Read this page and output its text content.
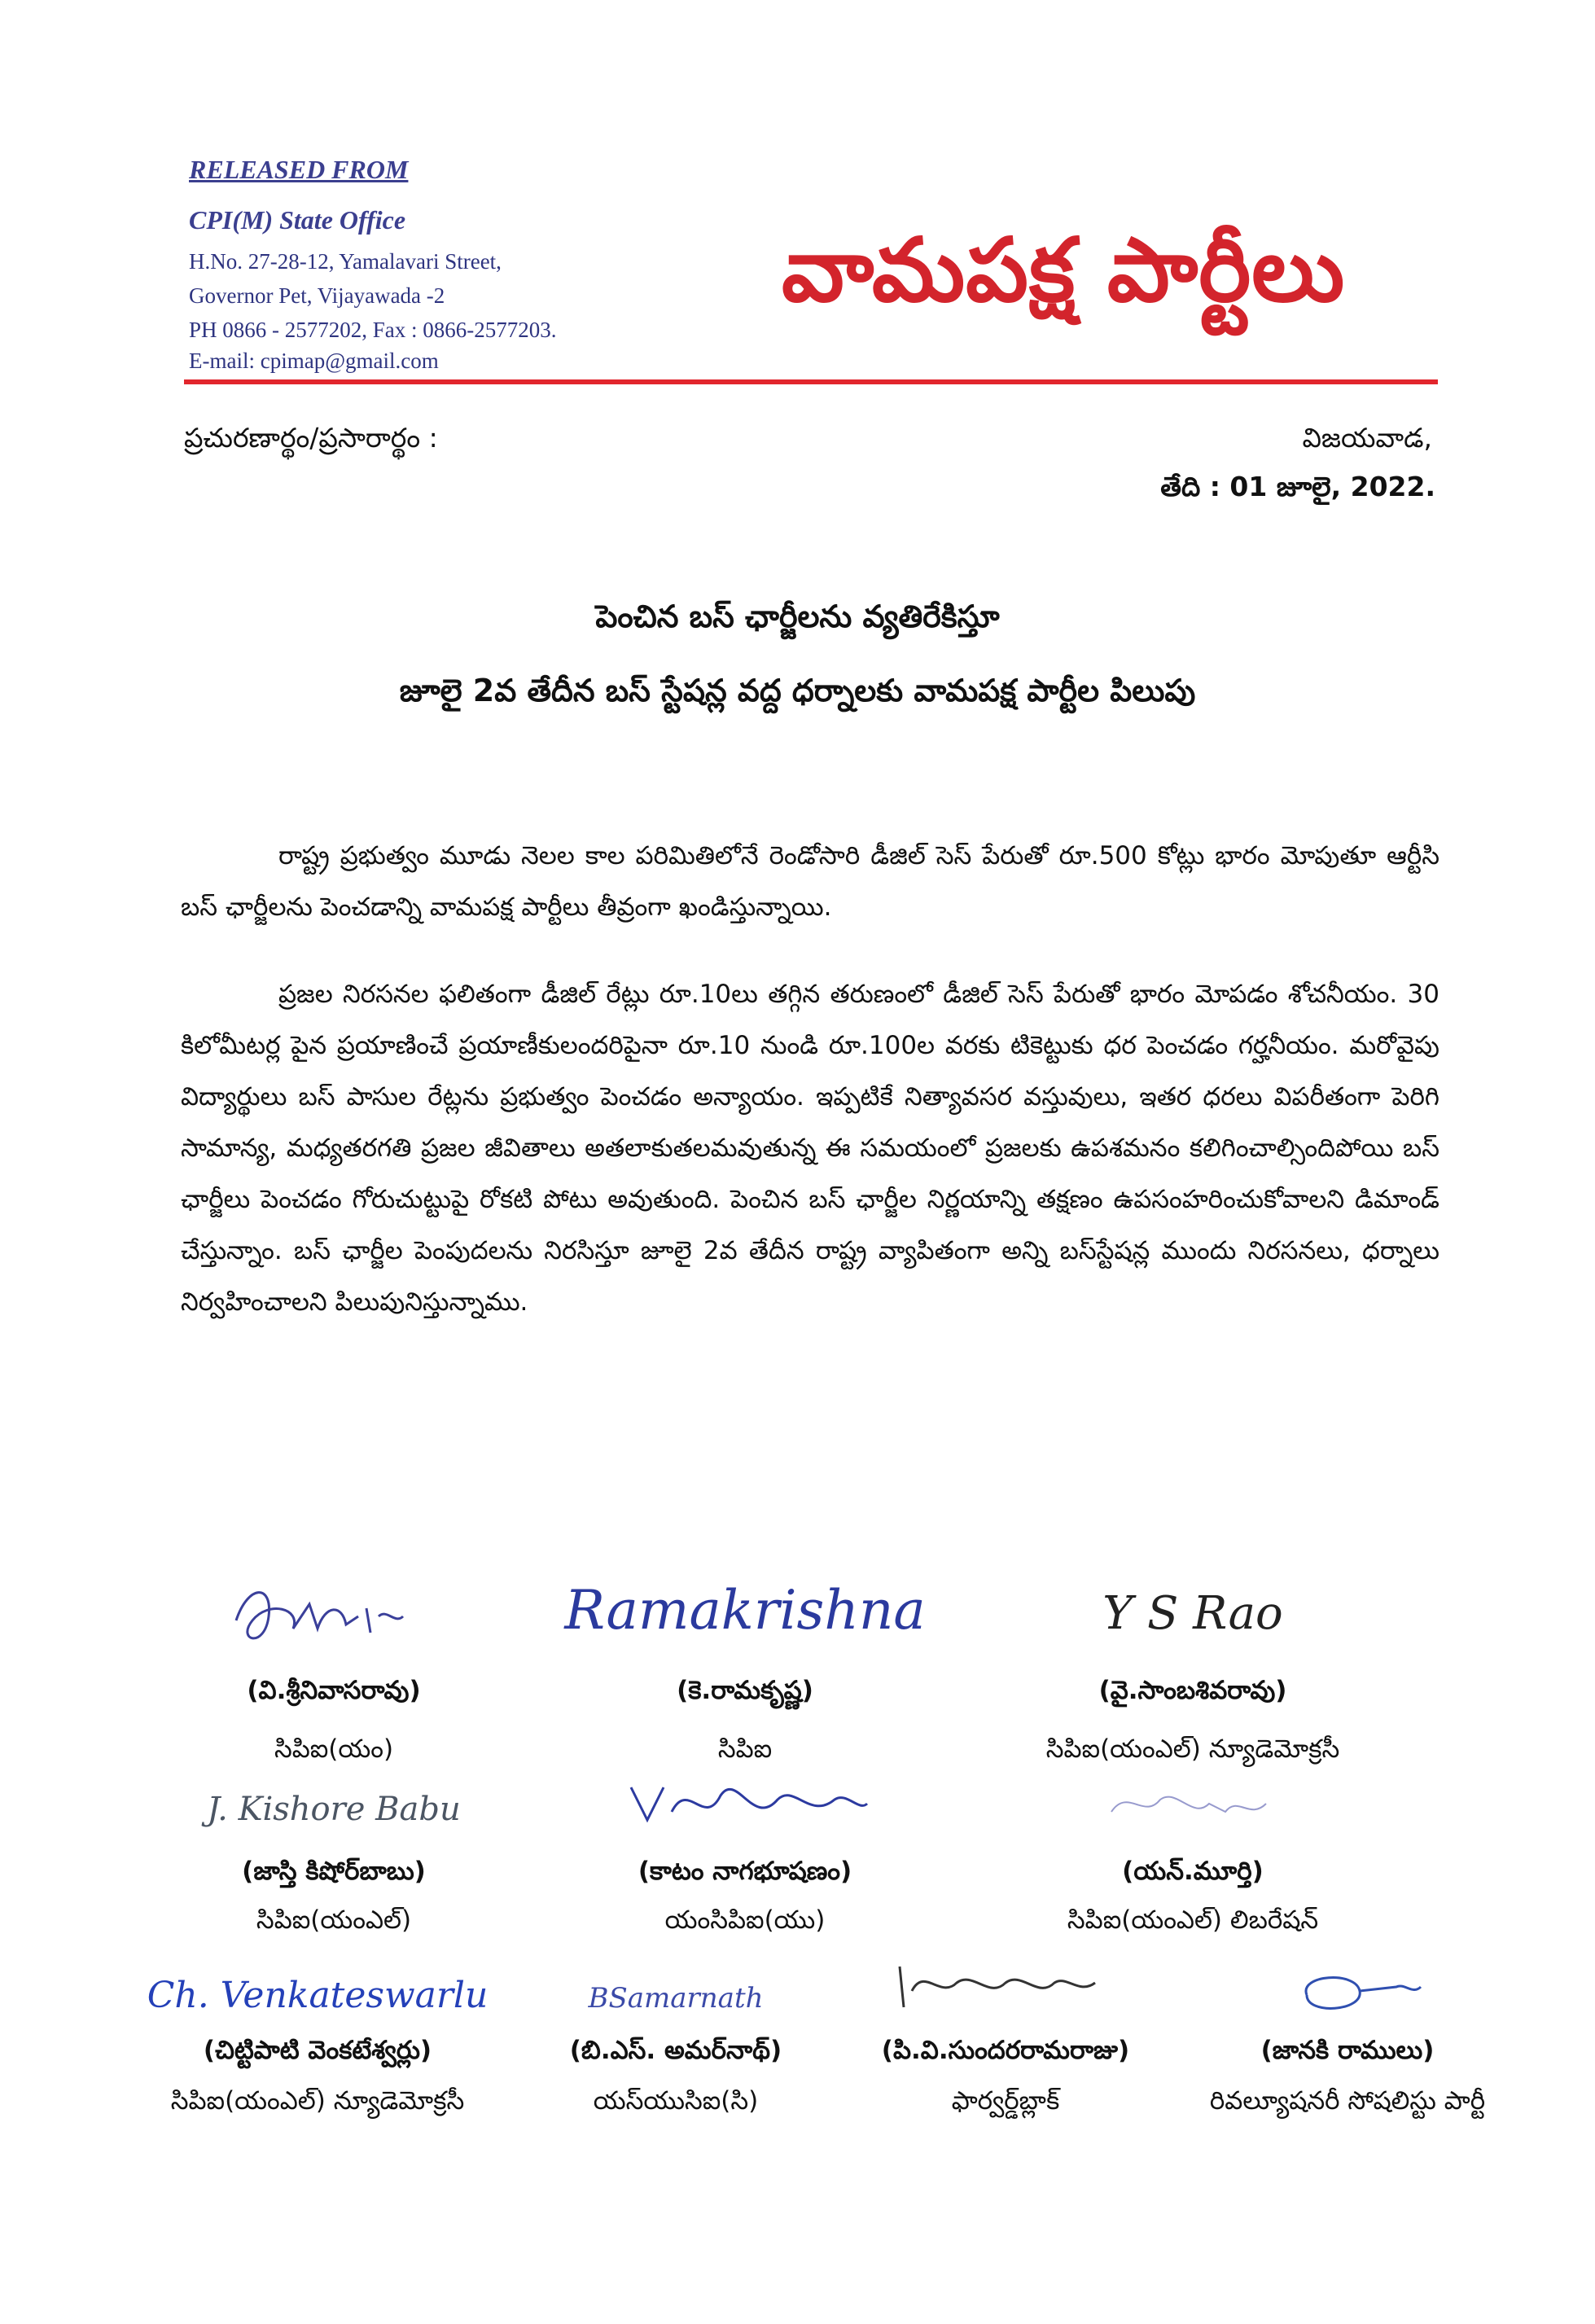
RELEASED FROM
CPI(M) State Office
H.No. 27-28-12, Yamalavari Street,
Governor Pet, Vijayawada -2
PH 0866 - 2577202, Fax : 0866-2577203.
E-mail: cpimap@gmail.com
వామపక్ష పార్టీలు
ప్రచురణార్థం/ప్రసారార్థం :	విజయవాడ,
తేది : 01 జూలై, 2022.
పెంచిన బస్ ఛార్జీలను వ్యతిరేకిస్తూ
జూలై 2వ తేదీన బస్ స్టేషన్ల వద్ద ధర్నాలకు వామపక్ష పార్టీల పిలుపు
రాష్ట్ర ప్రభుత్వం మూడు నెలల కాల పరిమితిలోనే రెండోసారి డీజిల్ సెస్ పేరుతో రూ.500 కోట్లు భారం మోపుతూ ఆర్టీసి బస్ ఛార్జీలను పెంచడాన్ని వామపక్ష పార్టీలు తీవ్రంగా ఖండిస్తున్నాయి.
ప్రజల నిరసనల ఫలితంగా డీజిల్ రేట్లు రూ.10లు తగ్గిన తరుణంలో డీజిల్ సెస్ పేరుతో భారం మోపడం శోచనీయం. 30 కిలోమీటర్ల పైన ప్రయాణించే ప్రయాణీకులందరిపైనా రూ.10 నుండి రూ.100ల వరకు టికెట్టుకు ధర పెంచడం గర్హనీయం. మరోవైపు విద్యార్థులు బస్ పాసుల రేట్లను ప్రభుత్వం పెంచడం అన్యాయం. ఇప్పటికే నిత్యావసర వస్తువులు, ఇతర ధరలు విపరీతంగా పెరిగి సామాన్య, మధ్యతరగతి ప్రజల జీవితాలు అతలాకుతలమవుతున్న ఈ సమయంలో ప్రజలకు ఉపశమనం కలిగించాల్సిందిపోయి బస్ ఛార్జీలు పెంచడం గోరుచుట్టుపై రోకటి పోటు అవుతుంది. పెంచిన బస్ ఛార్జీల నిర్ణయాన్ని తక్షణం ఉపసంహరించుకోవాలని డిమాండ్ చేస్తున్నాం. బస్ ఛార్జీల పెంపుదలను నిరసిస్తూ జూలై 2వ తేదీన రాష్ట్ర వ్యాపితంగా అన్ని బస్‌స్టేషన్ల ముందు నిరసనలు, ధర్నాలు నిర్వహించాలని పిలుపునిస్తున్నాము.
(వి.శ్రీనివాసరావు)
సిపిఐ(యం)
Ramakrishna
(కె.రామకృష్ణ)
సిపిఐ
Y S Rao
(వై.సాంబశివరావు)
సిపిఐ(యంఎల్) న్యూడెమోక్రసీ
J. Kishore Babu
(జాస్తి కిషోర్‌బాబు)
సిపిఐ(యంఎల్)
(కాటం నాగభూషణం)
యంసిపిఐ(యు)
(యన్.మూర్తి)
సిపిఐ(యంఎల్) లిబరేషన్
Ch. Venkateswarlu
(చిట్టిపాటి వెంకటేశ్వర్లు)
సిపిఐ(యంఎల్) న్యూడెమోక్రసీ
BSamarnath
(బి.ఎస్. అమర్‌నాథ్)
యస్‌యుసిఐ(సి)
(పి.వి.సుందరరామరాజు)
ఫార్వర్డ్‌బ్లాక్
(జానకి రాములు)
రివల్యూషనరీ సోషలిస్టు పార్టీ
